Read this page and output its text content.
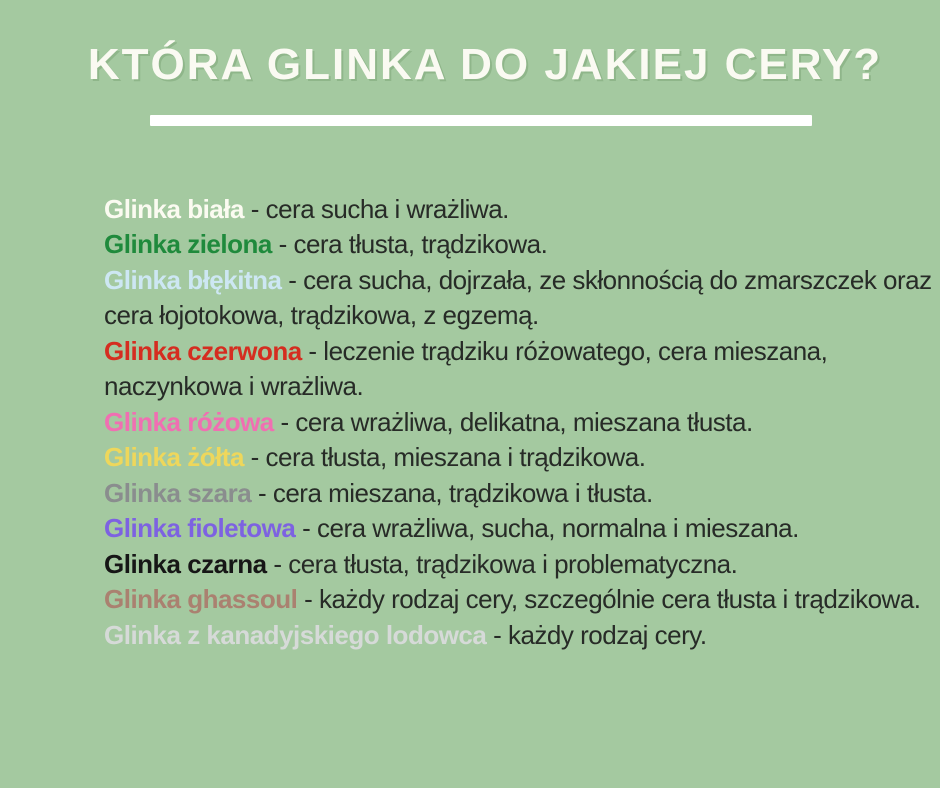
KTÓRA GLINKA DO JAKIEJ CERY?

Glinka biała - cera sucha i wrażliwa.

Glinka zielona - cera tłusta, trądzikowa.

Glinka błękitna - cera sucha, dojrzała, ze skłonnością do zmarszczek oraz cera łojotokowa, trądzikowa, z egzemą.

Glinka czerwona - leczenie trądziku różowatego, cera mieszana, naczynkowa i wrażliwa.

Glinka różowa - cera wrażliwa, delikatna, mieszana tłusta.

Glinka żółta - cera tłusta, mieszana i trądzikowa.

Glinka szara - cera mieszana, trądzikowa i tłusta.

Glinka fioletowa - cera wrażliwa, sucha, normalna i mieszana.

Glinka czarna - cera tłusta, trądzikowa i problematyczna.

Glinka ghassoul - każdy rodzaj cery, szczególnie cera tłusta i trądzikowa.

Glinka z kanadyjskiego lodowca - każdy rodzaj cery.
